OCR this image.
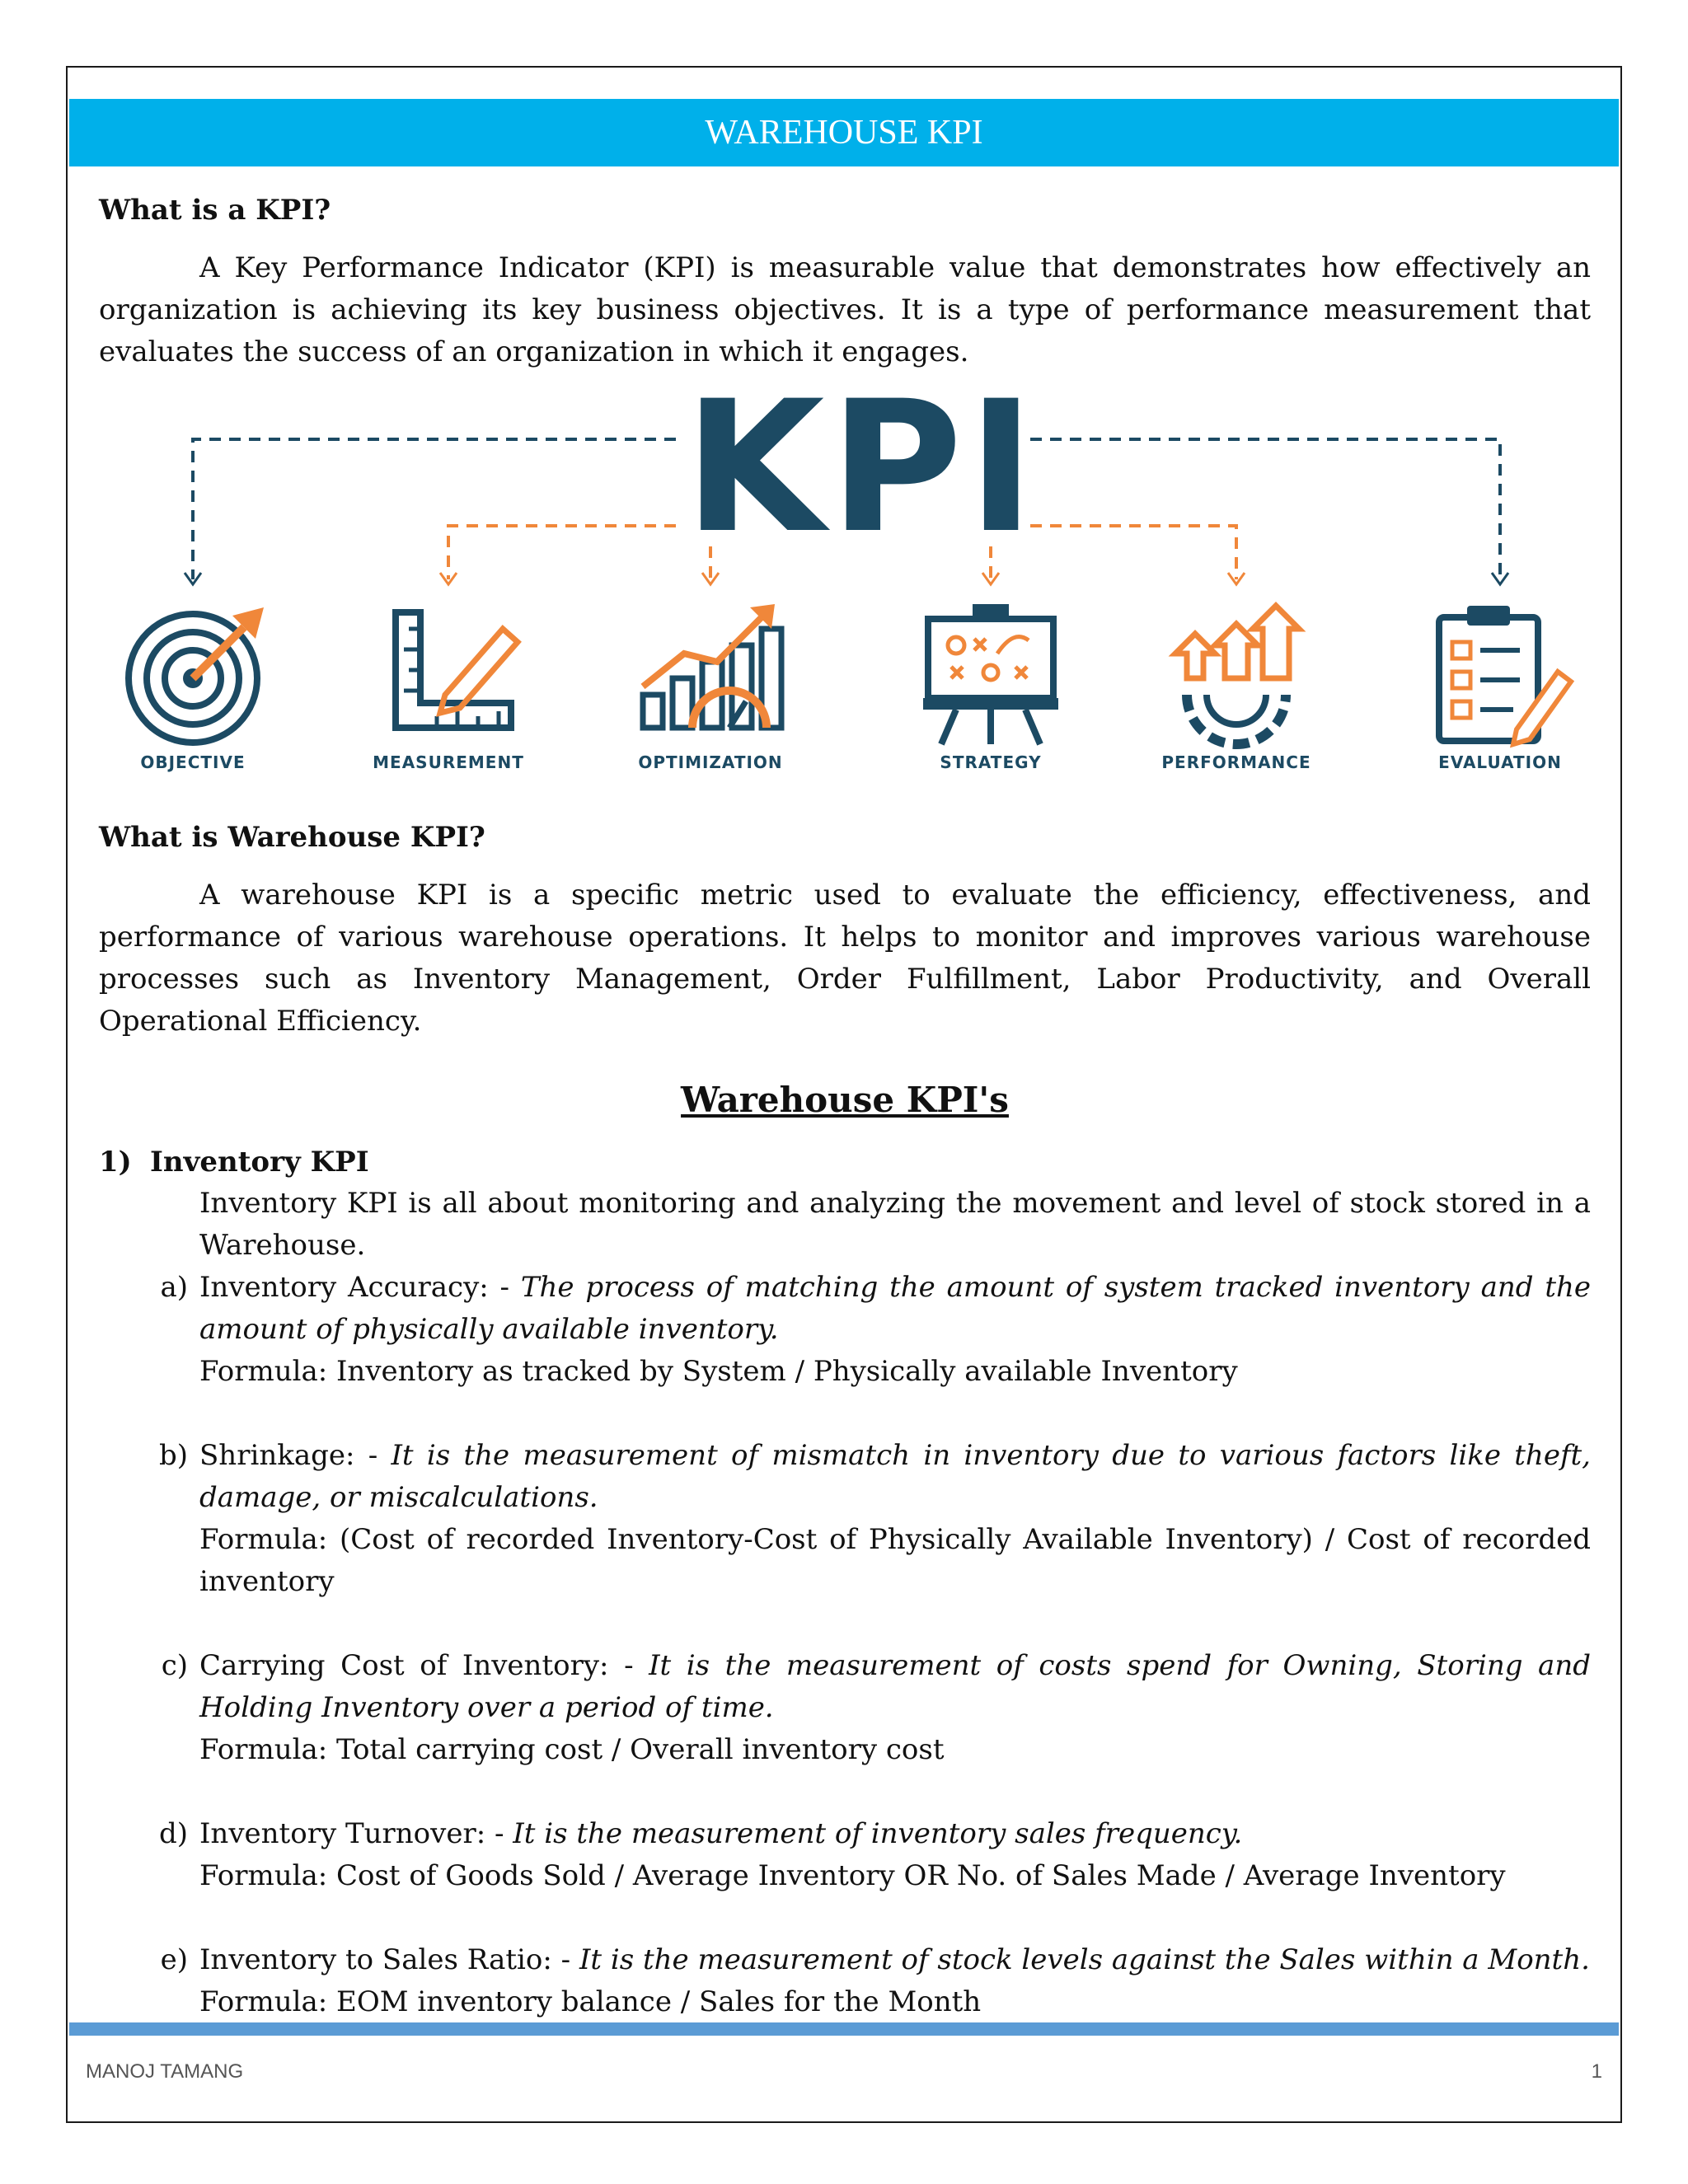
WAREHOUSE KPI
What is a KPI?

A Key Performance Indicator (KPI) is measurable value that demonstrates how effectively an organization is achieving its key business objectives. It is a type of performance measurement that evaluates the success of an organization in which it engages.

KPI
OBJECTIVE	MEASUREMENT	OPTIMIZATION	STRATEGY	PERFORMANCE	EVALUATION
What is Warehouse KPI?

A warehouse KPI is a specific metric used to evaluate the efficiency, effectiveness, and performance of various warehouse operations. It helps to monitor and improves various warehouse processes such as Inventory Management, Order Fulfillment, Labor Productivity, and Overall Operational Efficiency.

Warehouse KPI's
1) Inventory KPI

Inventory KPI is all about monitoring and analyzing the movement and level of stock stored in a Warehouse.

a) Inventory Accuracy: - The process of matching the amount of system tracked inventory and the amount of physically available inventory.
Formula: Inventory as tracked by System / Physically available Inventory
b) Shrinkage: - It is the measurement of mismatch in inventory due to various factors like theft, damage, or miscalculations.
Formula: (Cost of recorded Inventory-Cost of Physically Available Inventory) / Cost of recorded inventory
c) Carrying Cost of Inventory: - It is the measurement of costs spend for Owning, Storing and Holding Inventory over a period of time.
Formula: Total carrying cost / Overall inventory cost
d) Inventory Turnover: - It is the measurement of inventory sales frequency.
Formula: Cost of Goods Sold / Average Inventory OR No. of Sales Made / Average Inventory
e) Inventory to Sales Ratio: - It is the measurement of stock levels against the Sales within a Month.
Formula: EOM inventory balance / Sales for the Month
MANOJ TAMANG	1
